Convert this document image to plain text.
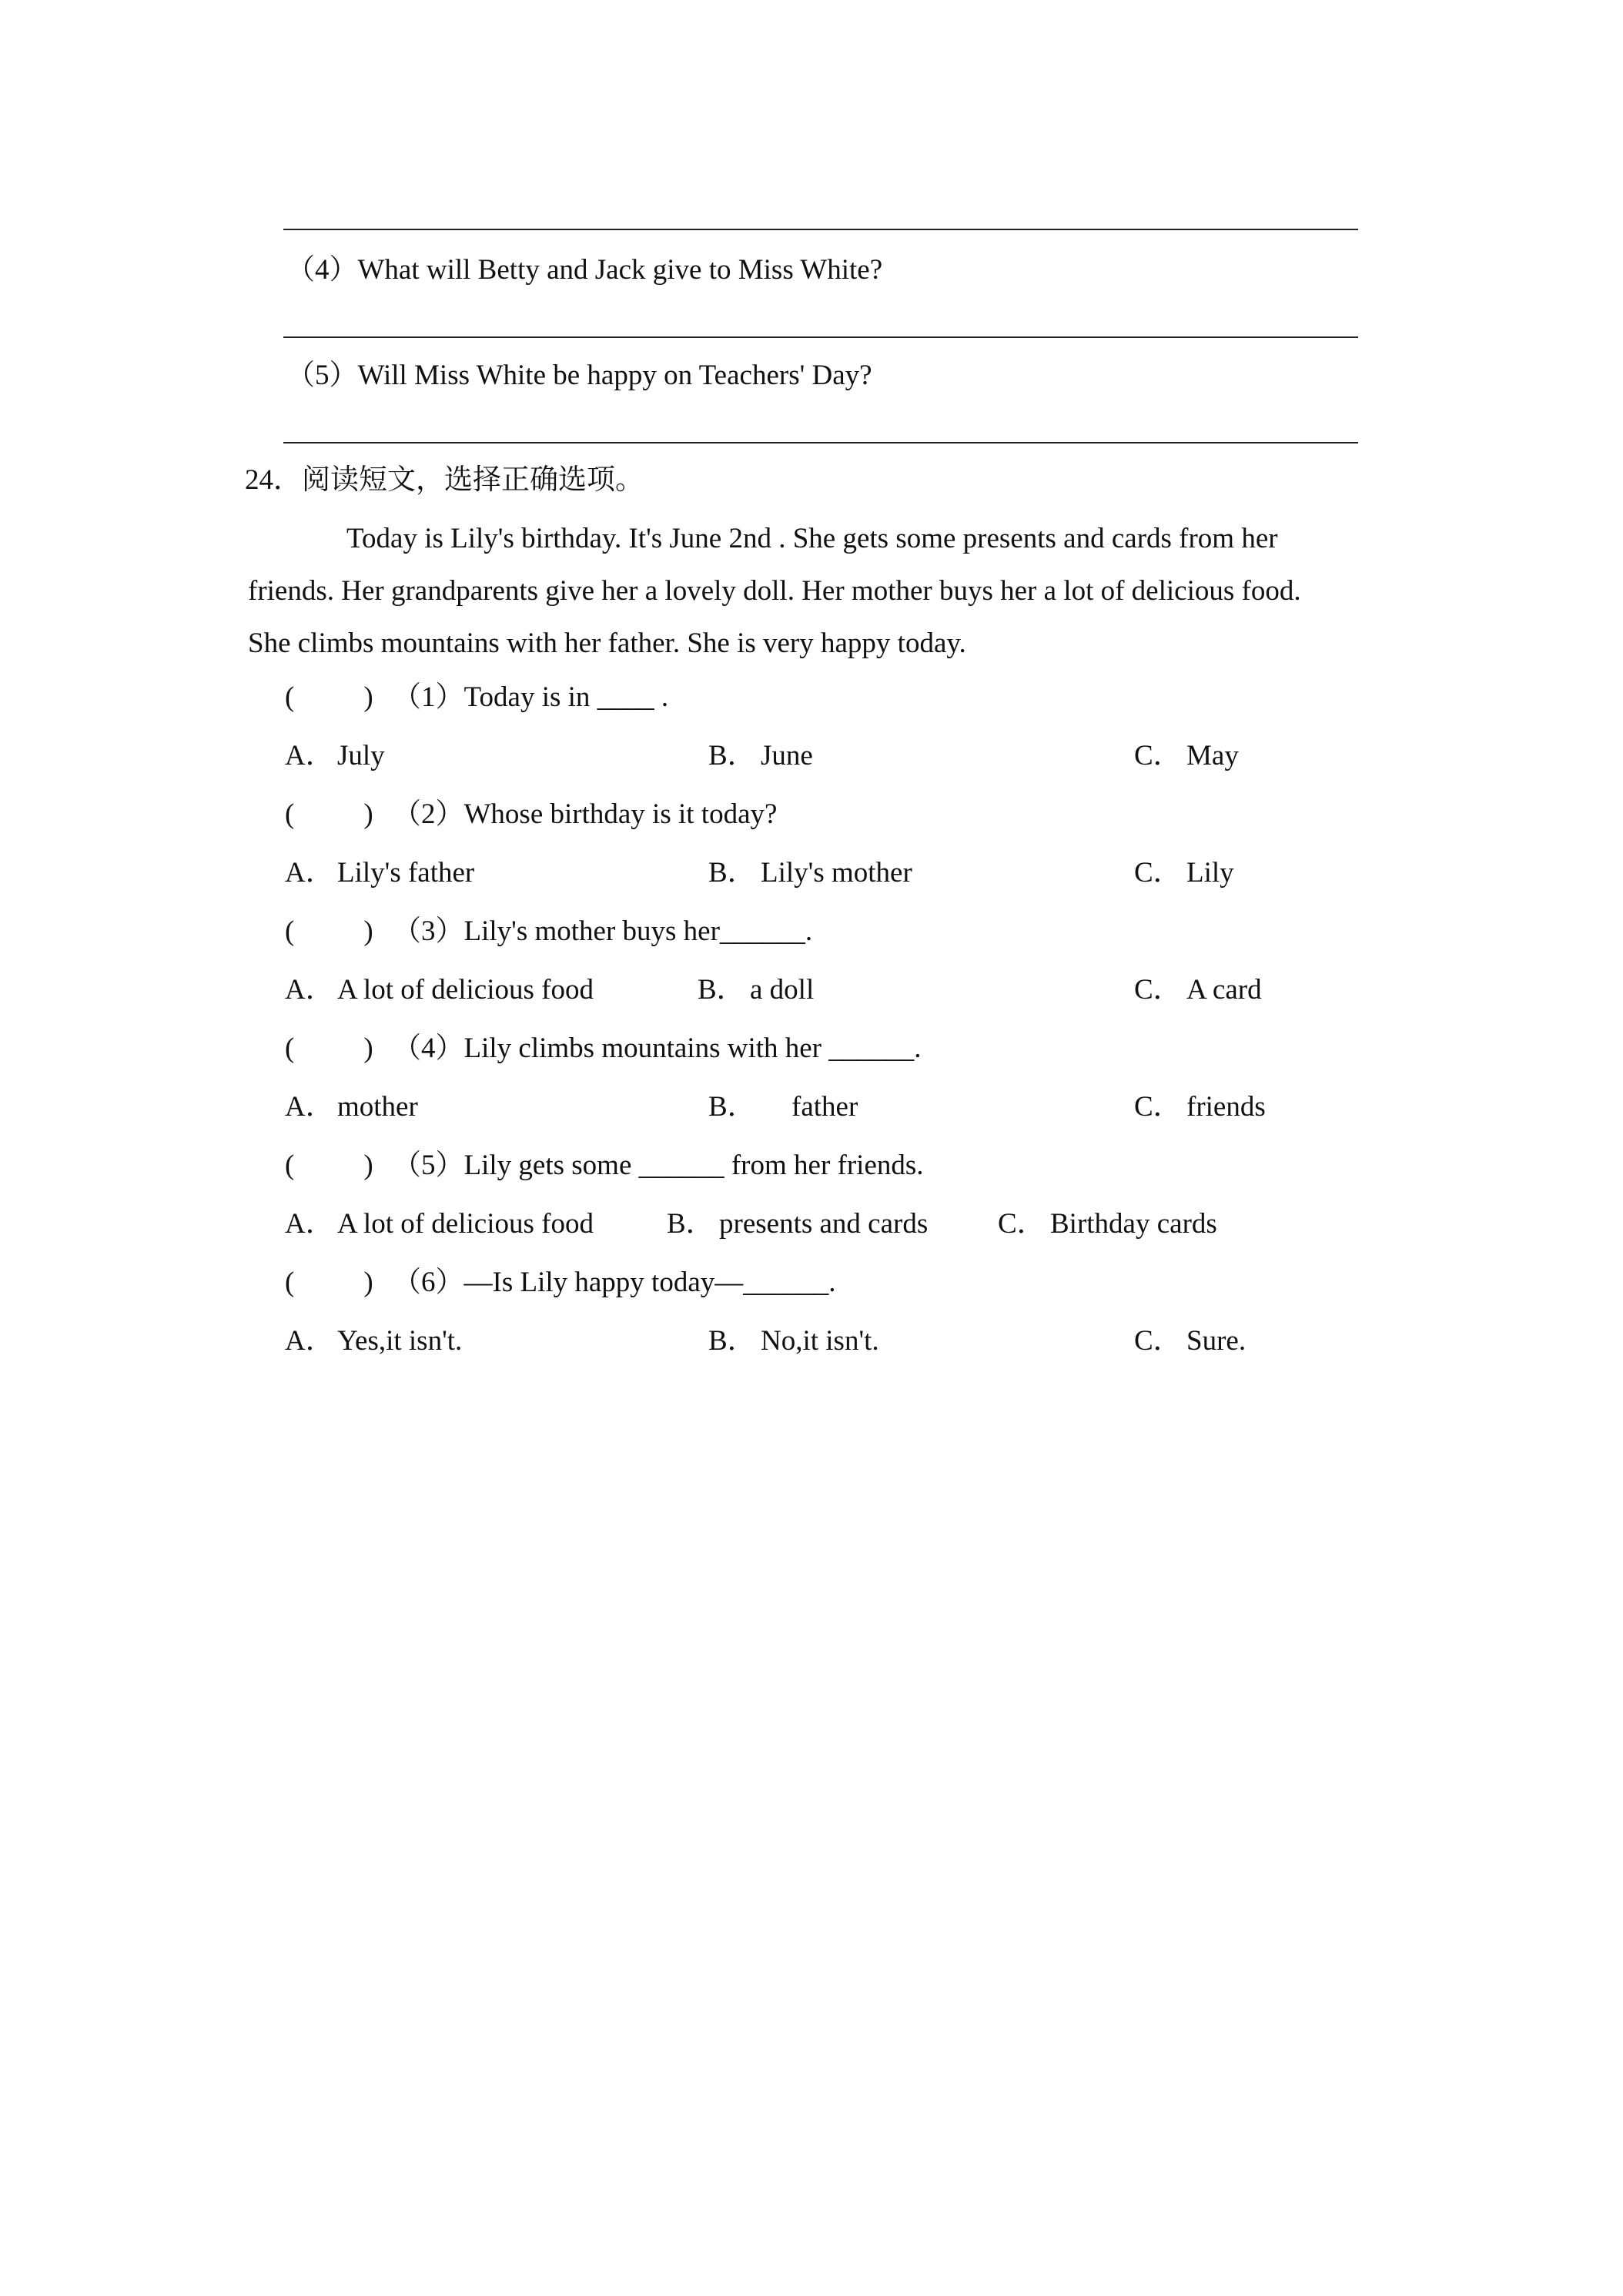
（4）What will Betty and Jack give to Miss White?
（5）Will Miss White be happy on Teachers' Day?
24．阅读短文，选择正确选项。
Today is Lily's birthday. It's June 2nd . She gets some presents and cards from her
friends. Her grandparents give her a lovely doll. Her mother buys her a lot of delicious food.
She climbs mountains with her father. She is very happy today.
( ) （1）Today is in ____ .
A． July	B． June	C． May
( ) （2）Whose birthday is it today?
A． Lily's father	B． Lily's mother	C． Lily
( ) （3）Lily's mother buys her______.
A． A lot of delicious food	B． a doll	C． A card
( ) （4）Lily climbs mountains with her ______.
A． mother	B． father	C． friends
( ) （5）Lily gets some ______ from her friends.
A． A lot of delicious food	B． presents and cards C． Birthday cards
( ) （6）—Is Lily happy today—______.
A． Yes,it isn't.	B． No,it isn't.	C． Sure.
